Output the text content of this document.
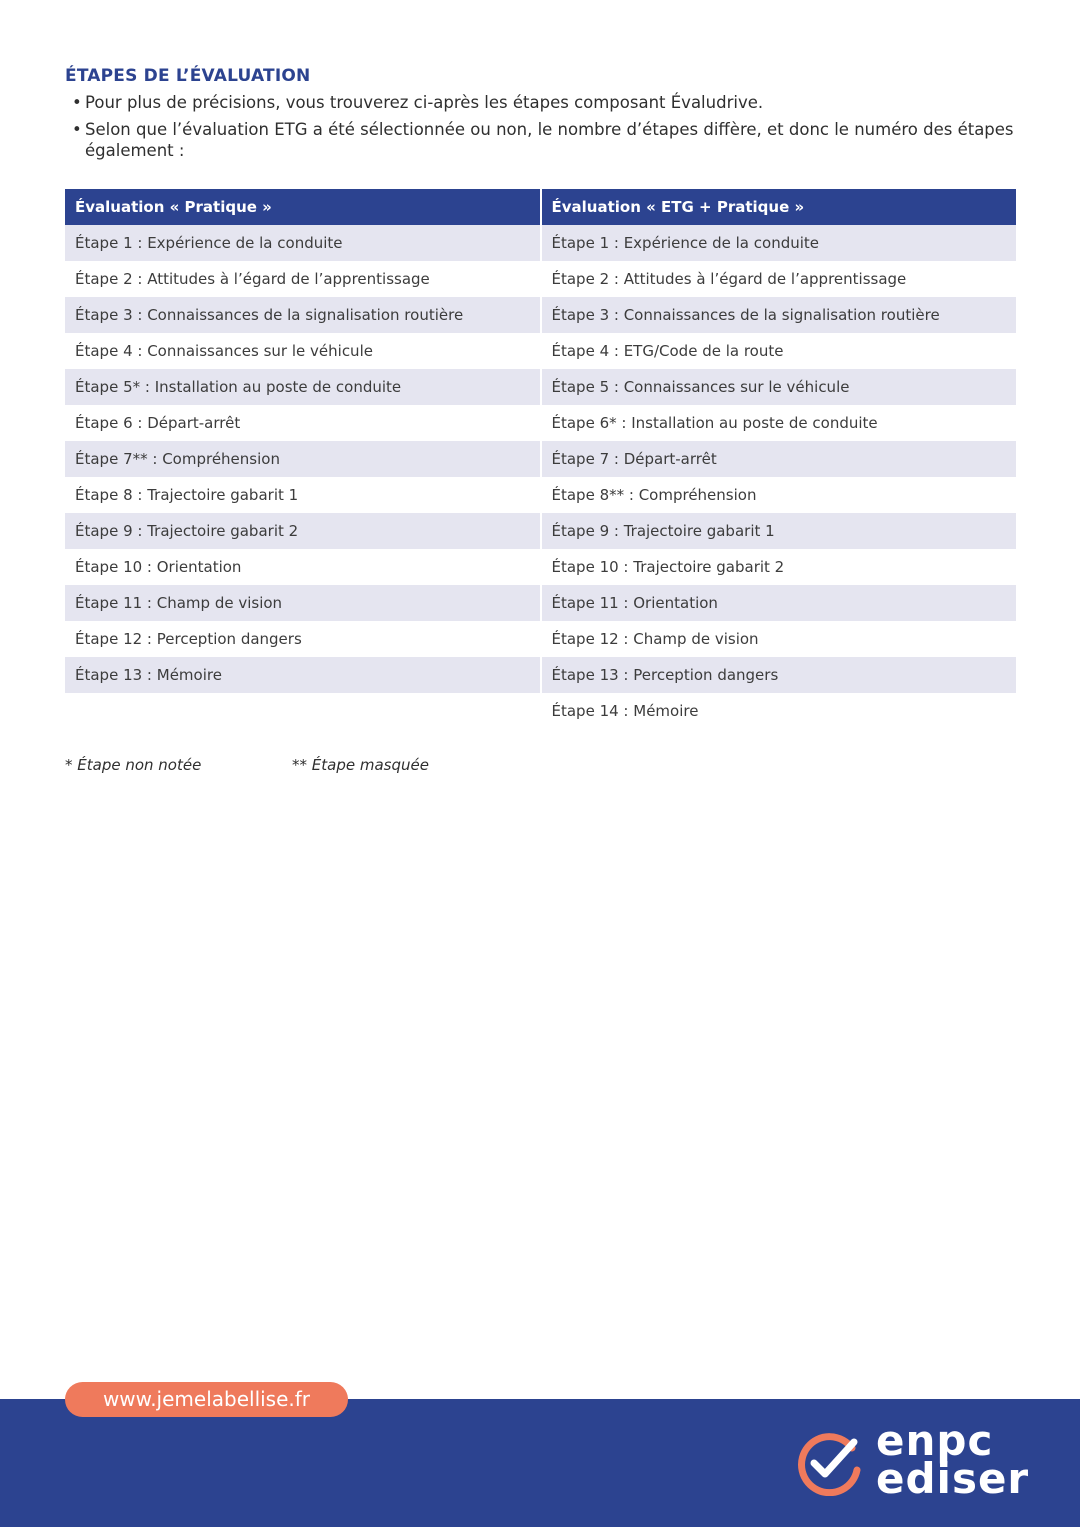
ÉTAPES DE L’ÉVALUATION
• Pour plus de précisions, vous trouverez ci-après les étapes composant Évaludrive.
• Selon que l’évaluation ETG a été sélectionnée ou non, le nombre d’étapes diffère, et donc le numéro des étapes également :
Évaluation « Pratique »	Évaluation « ETG + Pratique »
Étape 1 : Expérience de la conduite	Étape 1 : Expérience de la conduite
Étape 2 : Attitudes à l’égard de l’apprentissage	Étape 2 : Attitudes à l’égard de l’apprentissage
Étape 3 : Connaissances de la signalisation routière	Étape 3 : Connaissances de la signalisation routière
Étape 4 : Connaissances sur le véhicule	Étape 4 : ETG/Code de la route
Étape 5* : Installation au poste de conduite	Étape 5 : Connaissances sur le véhicule
Étape 6 : Départ-arrêt	Étape 6* : Installation au poste de conduite
Étape 7** : Compréhension	Étape 7 : Départ-arrêt
Étape 8 : Trajectoire gabarit 1	Étape 8** : Compréhension
Étape 9 : Trajectoire gabarit 2	Étape 9 : Trajectoire gabarit 1
Étape 10 : Orientation	Étape 10 : Trajectoire gabarit 2
Étape 11 : Champ de vision	Étape 11 : Orientation
Étape 12 : Perception dangers	Étape 12 : Champ de vision
Étape 13 : Mémoire	Étape 13 : Perception dangers
	Étape 14 : Mémoire
* Étape non notée	** Étape masquée
www.jemelabellise.fr
enpc
ediser
